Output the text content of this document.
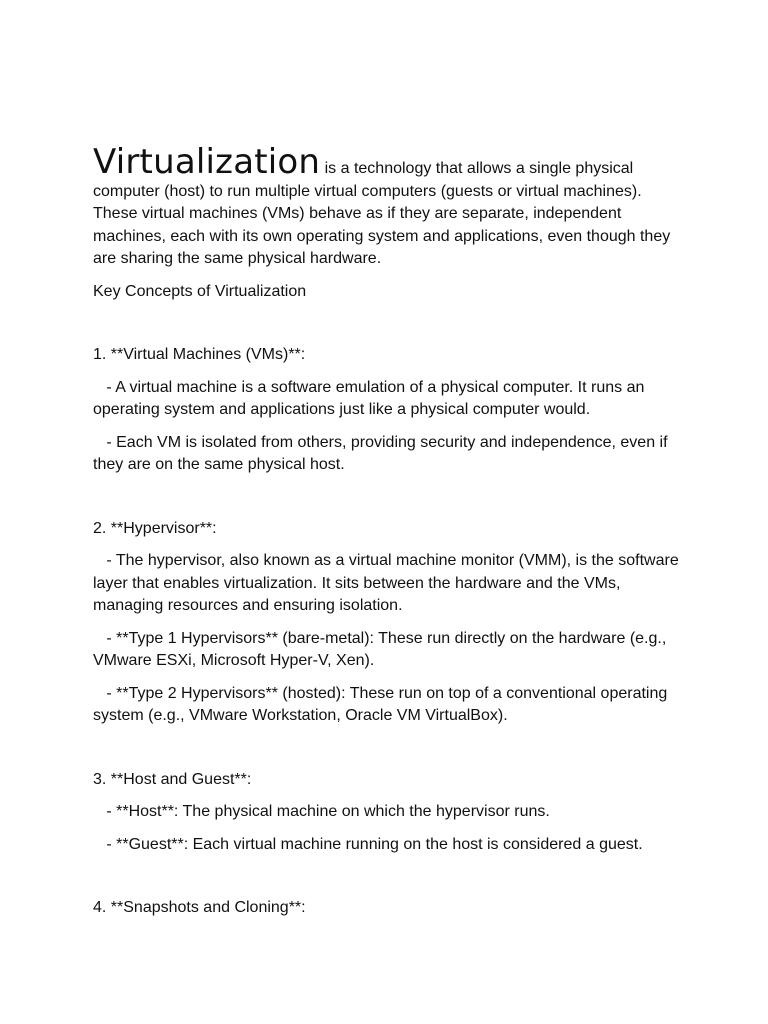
Virtualization is a technology that allows a single physical computer (host) to run multiple virtual computers (guests or virtual machines). These virtual machines (VMs) behave as if they are separate, independent machines, each with its own operating system and applications, even though they are sharing the same physical hardware.

Key Concepts of Virtualization

1. **Virtual Machines (VMs)**:

- A virtual machine is a software emulation of a physical computer. It runs an operating system and applications just like a physical computer would.

- Each VM is isolated from others, providing security and independence, even if they are on the same physical host.

2. **Hypervisor**:

- The hypervisor, also known as a virtual machine monitor (VMM), is the software layer that enables virtualization. It sits between the hardware and the VMs, managing resources and ensuring isolation.

- **Type 1 Hypervisors** (bare-metal): These run directly on the hardware (e.g., VMware ESXi, Microsoft Hyper-V, Xen).

- **Type 2 Hypervisors** (hosted): These run on top of a conventional operating system (e.g., VMware Workstation, Oracle VM VirtualBox).

3. **Host and Guest**:

- **Host**: The physical machine on which the hypervisor runs.

- **Guest**: Each virtual machine running on the host is considered a guest.

4. **Snapshots and Cloning**:
